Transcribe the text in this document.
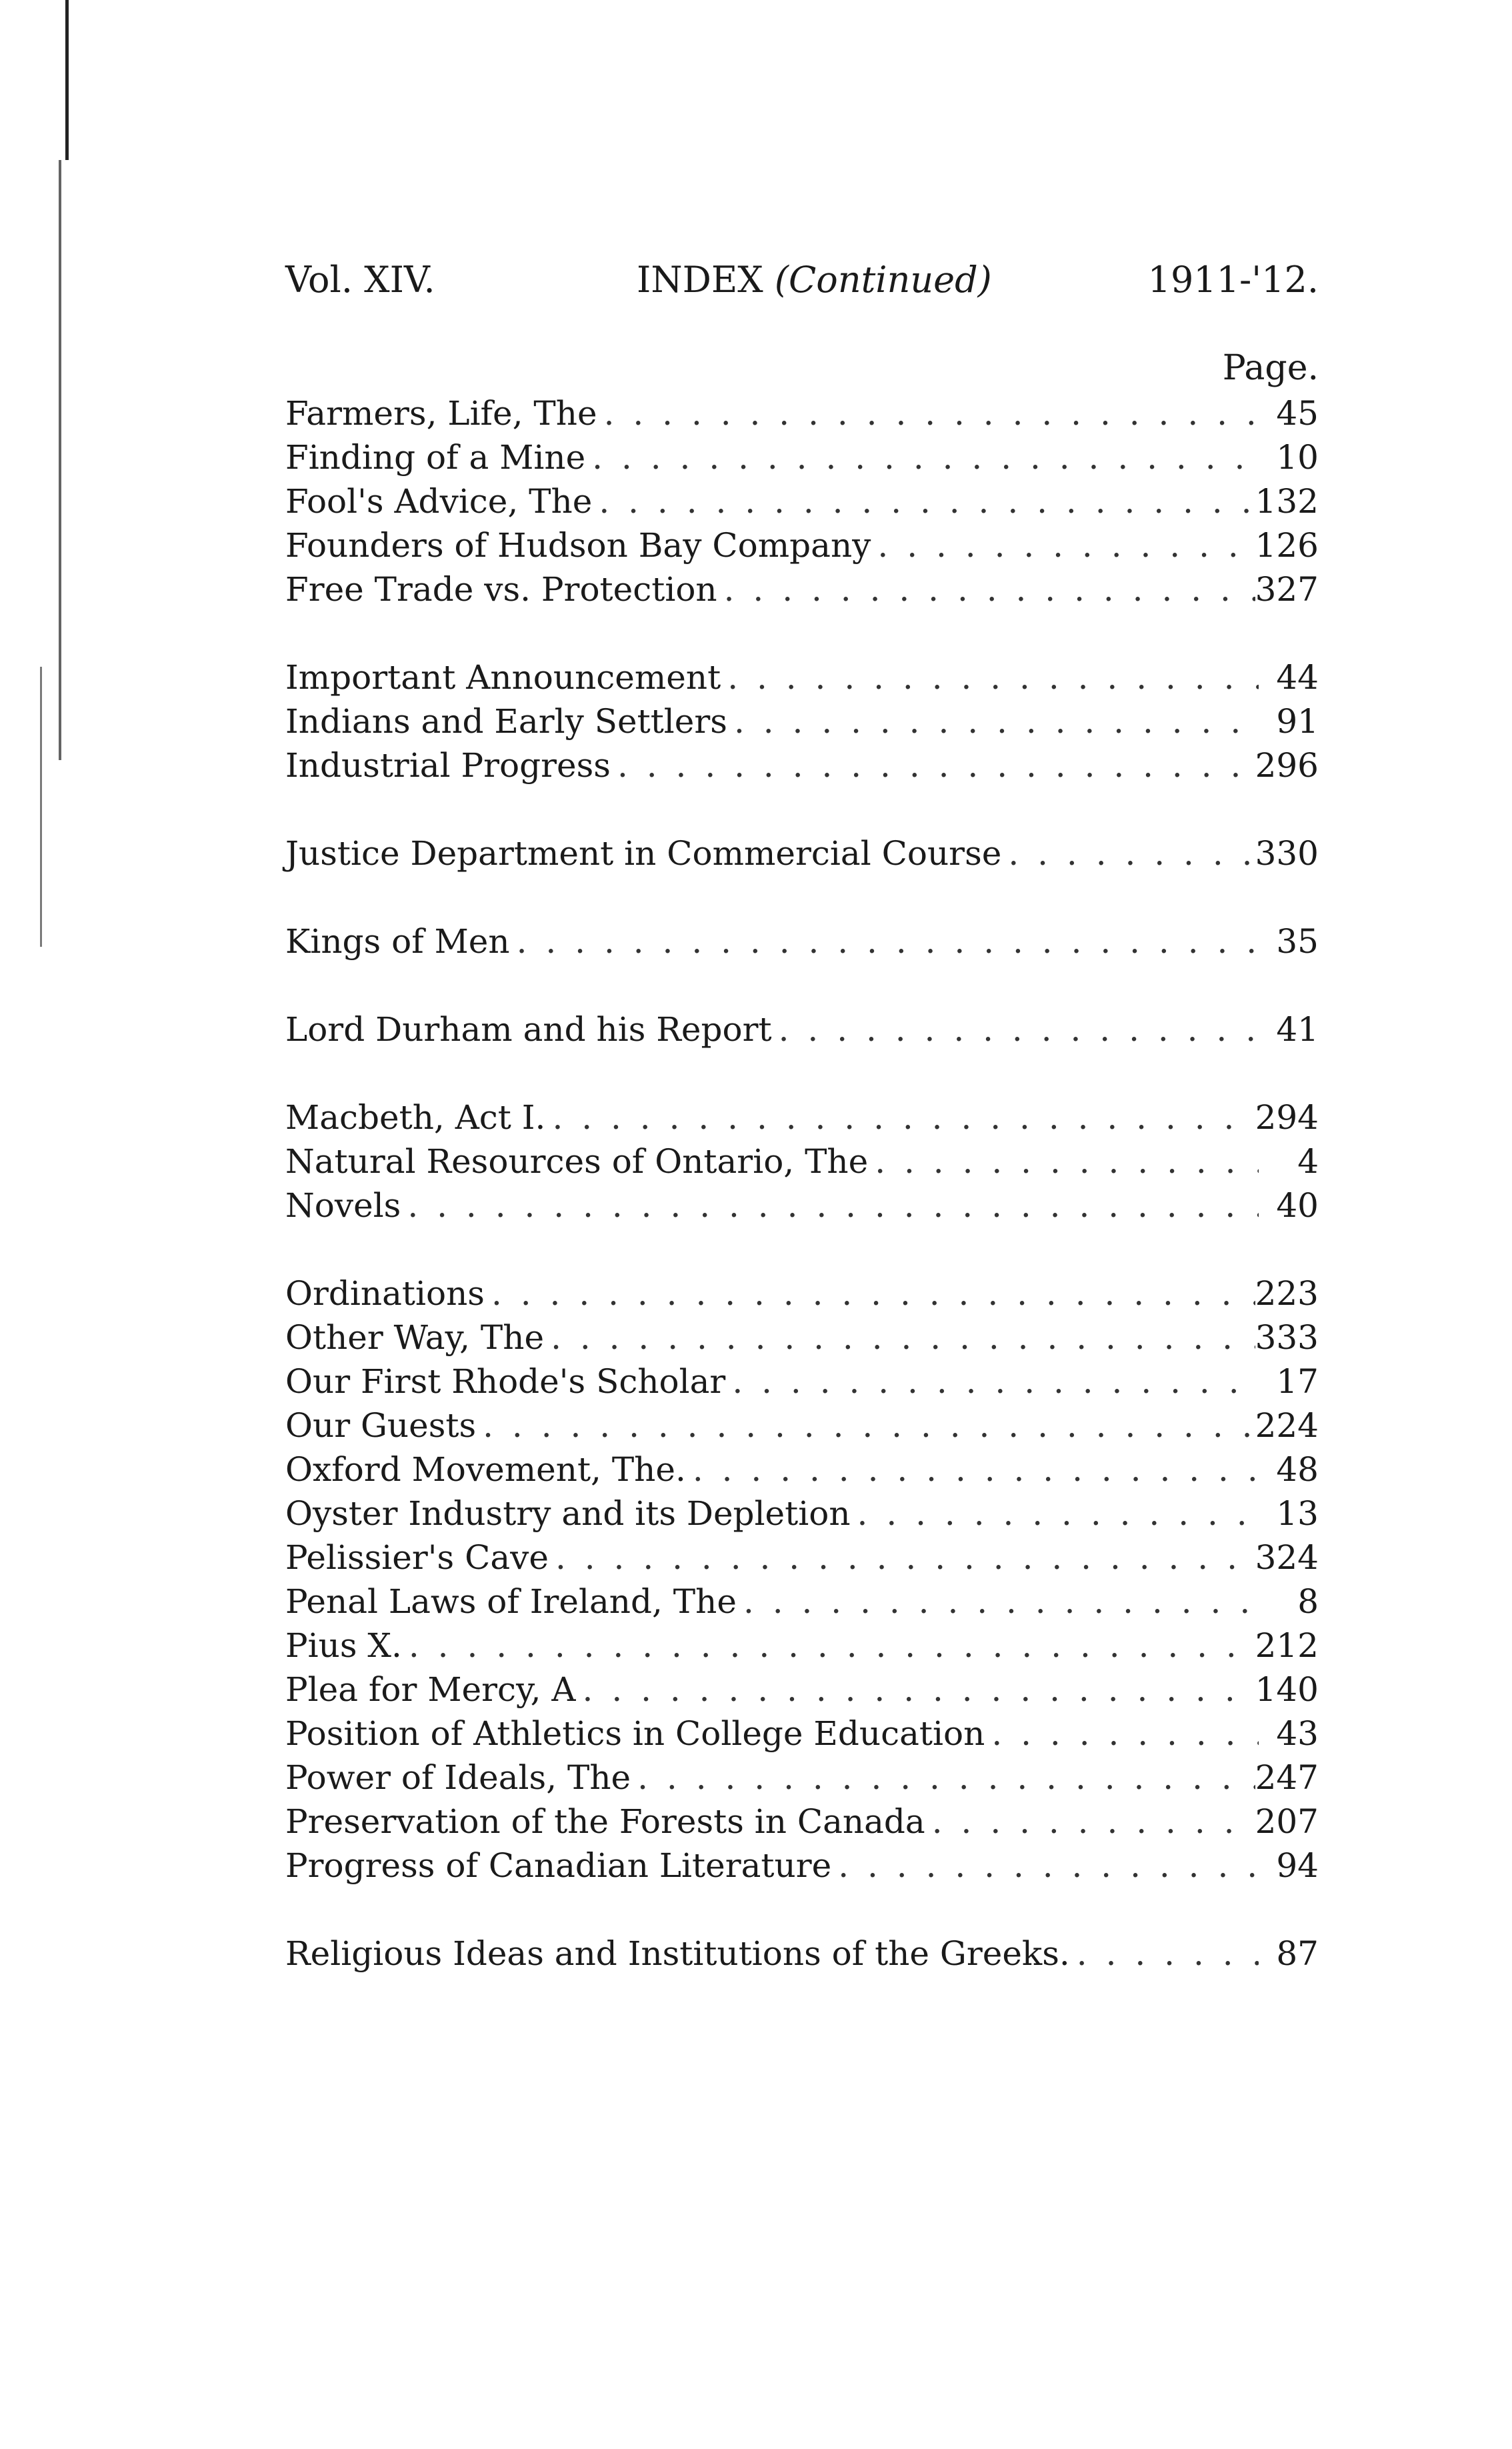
Vol. XIV.	INDEX (Continued)	1911-'12.
Page.
Farmers, Life, The . . .	45
Finding of a Mine . . .	10
Fool's Advice, The . . .	132
Founders of Hudson Bay Company . . .	126
Free Trade vs. Protection . . .	327
Important Announcement . . .	44
Indians and Early Settlers . . .	91
Industrial Progress . . .	296
Justice Department in Commercial Course . . .	330
Kings of Men . . .	35
Lord Durham and his Report . . .	41
Macbeth, Act I. . . .	294
Natural Resources of Ontario, The . . .	4
Novels . . .	40
Ordinations . . .	223
Other Way, The . . .	333
Our First Rhode's Scholar . . .	17
Our Guests . . .	224
Oxford Movement, The. . . .	48
Oyster Industry and its Depletion . . .	13
Pelissier's Cave . . .	324
Penal Laws of Ireland, The . . .	8
Pius X. . . .	212
Plea for Mercy, A . . .	140
Position of Athletics in College Education . . .	43
Power of Ideals, The . . .	247
Preservation of the Forests in Canada . . .	207
Progress of Canadian Literature . . .	94
Religious Ideas and Institutions of the Greeks. . . .	87
